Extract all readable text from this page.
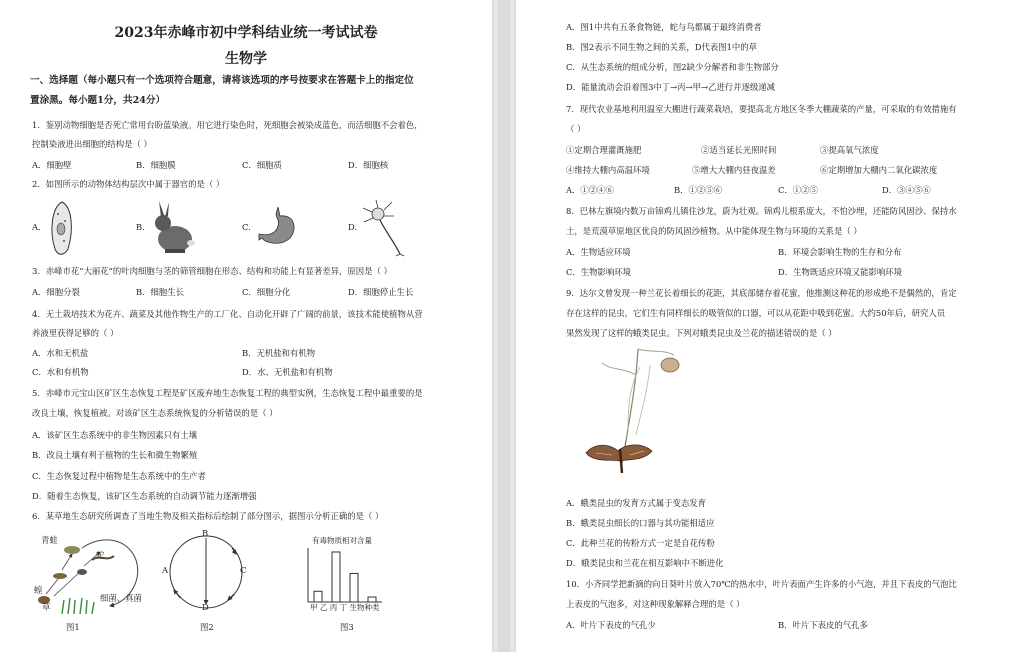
2023年赤峰市初中学科结业统一考试试卷
生物学
一、选择题（每小题只有一个选项符合题意，请将该选项的序号按要求在答题卡上的指定位
置涂黑。每小题1分，共24分）
1．鉴别动物细胞是否死亡常用台盼蓝染液。用它进行染色时，死细胞会被染成蓝色，而活细胞不会着色，
控制染液进出细胞的结构是（ ）
A．细胞壁	B．细胞膜	C．细胞质	D．细胞核
2．如图所示的动物体结构层次中属于器官的是（ ）
A.	B.	C.	D.
3．赤峰市花“大丽花”的叶肉细胞与茎的筛管细胞在形态、结构和功能上有显著差异，原因是（ ）
A．细胞分裂	B．细胞生长	C．细胞分化	D．细胞停止生长
4．无土栽培技术为花卉、蔬菜及其他作物生产的工厂化、自动化开辟了广阔的前景，该技术能使植物从营
养液里获得足够的（ ）
A．水和无机盐	B．无机盐和有机物
C．水和有机物	D．水、无机盐和有机物
5．赤峰市元宝山区矿区生态恢复工程是矿区废弃地生态恢复工程的典型实例，生态恢复工程中最重要的是
改良土壤，恢复植被。对该矿区生态系统恢复的分析错误的是（ ）
A．该矿区生态系统中的非生物因素只有土壤
B．改良土壤有利于植物的生长和微生物繁殖
C．生态恢复过程中植物是生态系统中的生产者
D．随着生态恢复，该矿区生态系统的自动调节能力逐渐增强
6．某草地生态研究所调查了当地生物及相关指标后绘制了部分图示，据图示分析正确的是（ ）
青蛙
蛇
蝗
草
细菌、真菌
B
C
D
A
有毒物质相对含量
甲 乙 丙 丁 生物种类
图1	图2	图3
A．图1中共有五条食物链，蛇与鸟都属于最终消费者
B．图2表示不同生物之间的关系，D代表图1中的草
C．从生态系统的组成分析，图2缺少分解者和非生物部分
D．能量流动会沿着图3中丁→丙→甲→乙进行并逐级递减
7．现代农业基地利用温室大棚进行蔬菜栽培，要提高北方地区冬季大棚蔬菜的产量，可采取的有效措施有
（ ）
①定期合理灌溉施肥	②适当延长光照时间	③提高氧气浓度
④维持大棚内高温环境	⑤增大大棚内昼夜温差	⑥定期增加大棚内二氧化碳浓度
A．①②④⑥	B．①②⑤⑥	C．①②⑤	D．③④⑤⑥
8．巴林左旗境内数万亩锦鸡儿镇住沙龙，蔚为壮观。锦鸡儿根系庞大，不怕沙埋，还能防风固沙、保持水
土，是荒漠草原地区优良的防风固沙植物。从中能体现生物与环境的关系是（ ）
A．生物适应环境	B．环境会影响生物的生存和分布
C．生物影响环境	D．生物既适应环境又能影响环境
9．达尔文曾发现一种兰花长着细长的花距，其底部储存着花蜜，他推测这种花的形成绝不是偶然的，肯定
存在这样的昆虫，它们生有同样细长的吸管似的口器，可以从花距中吸到花蜜。大约50年后，研究人员
果然发现了这样的蛾类昆虫。下列对蛾类昆虫及兰花的描述错误的是（ ）
A．蛾类昆虫的发育方式属于变态发育
B．蛾类昆虫细长的口器与其功能相适应
C．此种兰花的传粉方式一定是自花传粉
D．蛾类昆虫和兰花在相互影响中不断进化
10．小齐同学把新摘的向日葵叶片放入70℃的热水中，叶片表面产生许多的小气泡，并且下表皮的气泡比
上表皮的气泡多，对这种现象解释合理的是（ ）
A．叶片下表皮的气孔少	B．叶片下表皮的气孔多
